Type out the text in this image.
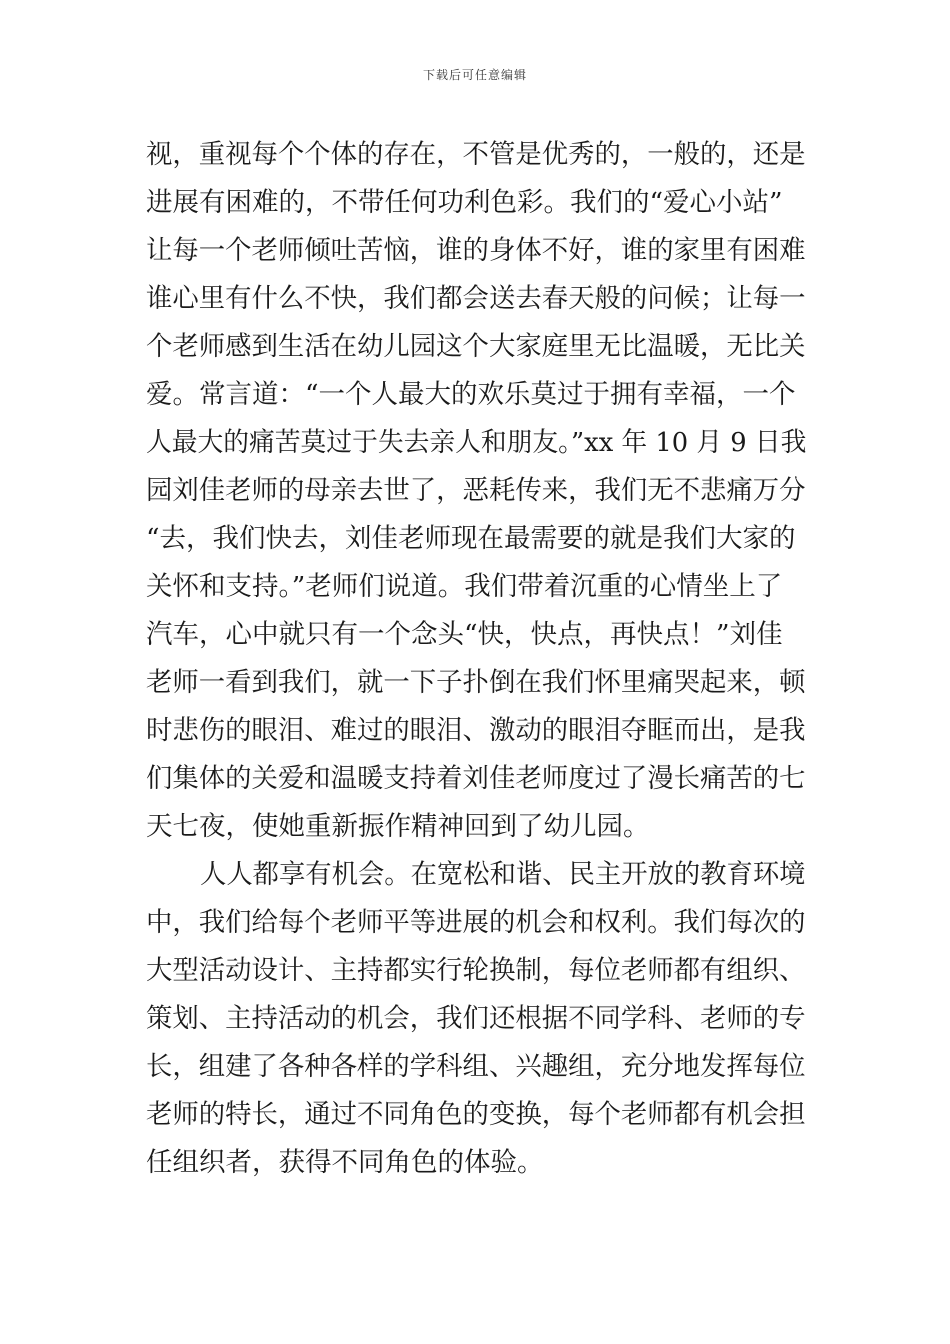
下载后可任意编辑
视，重视每个个体的存在，不管是优秀的，一般的，还是
进展有困难的，不带任何功利色彩。我们的“爱心小站”
让每一个老师倾吐苦恼，谁的身体不好，谁的家里有困难
谁心里有什么不快，我们都会送去春天般的问候；让每一
个老师感到生活在幼儿园这个大家庭里无比温暖，无比关
爱。常言道：“一个人最大的欢乐莫过于拥有幸福，一个
人最大的痛苦莫过于失去亲人和朋友。”xx 年 10 月 9 日我
园刘佳老师的母亲去世了，恶耗传来，我们无不悲痛万分
“去，我们快去，刘佳老师现在最需要的就是我们大家的
关怀和支持。”老师们说道。我们带着沉重的心情坐上了
汽车，心中就只有一个念头“快，快点，再快点！”刘佳
老师一看到我们，就一下子扑倒在我们怀里痛哭起来，顿
时悲伤的眼泪、难过的眼泪、激动的眼泪夺眶而出，是我
们集体的关爱和温暖支持着刘佳老师度过了漫长痛苦的七
天七夜，使她重新振作精神回到了幼儿园。
人人都享有机会。在宽松和谐、民主开放的教育环境
中，我们给每个老师平等进展的机会和权利。我们每次的
大型活动设计、主持都实行轮换制，每位老师都有组织、
策划、主持活动的机会，我们还根据不同学科、老师的专
长，组建了各种各样的学科组、兴趣组，充分地发挥每位
老师的特长，通过不同角色的变换，每个老师都有机会担
任组织者，获得不同角色的体验。
